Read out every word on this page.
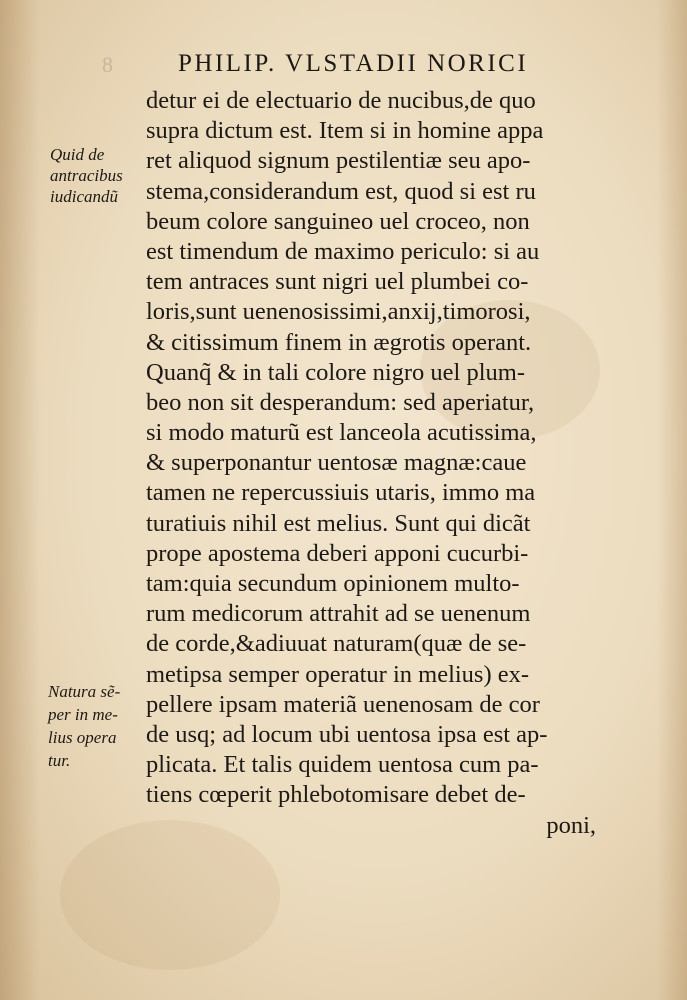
8	PHILIP. VLSTADII NORICI
Quid de
antracibus
iudicandũ
Natura sẽ-
per in me-
lius opera
tur.
detur ei de electuario de nucibus,de quo
supra dictum est. Item si in homine appa
ret aliquod signum pestilentiæ seu apo-
stema,considerandum est, quod si est ru
beum colore sanguineo uel croceo, non
est timendum de maximo periculo: si au
tem antraces sunt nigri uel plumbei co-
loris,sunt uenenosissimi,anxij,timorosi,
& citissimum finem in ægrotis operant.
Quanq̃ & in tali colore nigro uel plum-
beo non sit desperandum: sed aperiatur,
si modo maturũ est lanceola acutissima,
& superponantur uentosæ magnæ:caue
tamen ne repercussiuis utaris, immo ma
turatiuis nihil est melius. Sunt qui dicãt
prope apostema deberi apponi cucurbi-
tam:quia secundum opinionem multo-
rum medicorum attrahit ad se uenenum
de corde,&adiuuat naturam(quæ de se-
metipsa semper operatur in melius) ex-
pellere ipsam materiã uenenosam de cor
de usq; ad locum ubi uentosa ipsa est ap-
plicata. Et talis quidem uentosa cum pa-
tiens cœperit phlebotomisare debet de-
poni,
